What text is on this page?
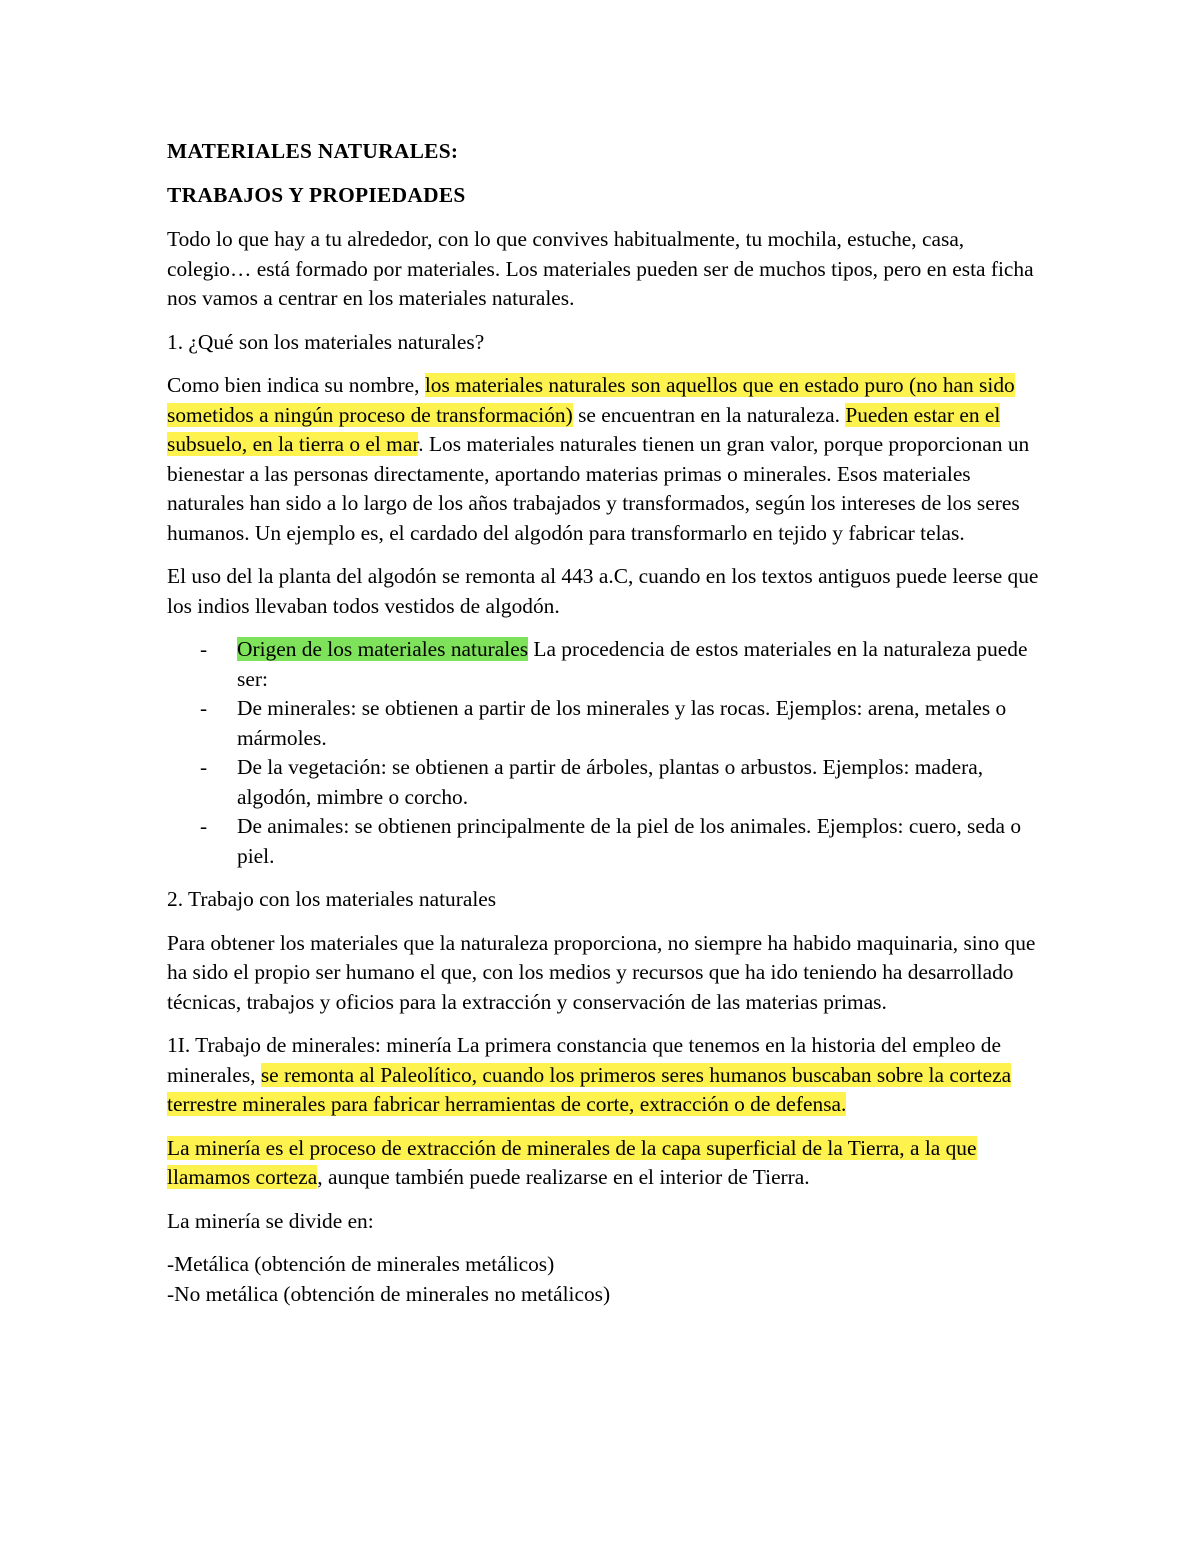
MATERIALES NATURALES:

TRABAJOS Y PROPIEDADES

Todo lo que hay a tu alrededor, con lo que convives habitualmente, tu mochila, estuche, casa, colegio… está formado por materiales. Los materiales pueden ser de muchos tipos, pero en esta ficha nos vamos a centrar en los materiales naturales.

1. ¿Qué son los materiales naturales?

Como bien indica su nombre, los materiales naturales son aquellos que en estado puro (no han sido sometidos a ningún proceso de transformación) se encuentran en la naturaleza. Pueden estar en el subsuelo, en la tierra o el mar. Los materiales naturales tienen un gran valor, porque proporcionan un bienestar a las personas directamente, aportando materias primas o minerales. Esos materiales naturales han sido a lo largo de los años trabajados y transformados, según los intereses de los seres humanos. Un ejemplo es, el cardado del algodón para transformarlo en tejido y fabricar telas.

El uso del la planta del algodón se remonta al 443 a.C, cuando en los textos antiguos puede leerse que los indios llevaban todos vestidos de algodón.

- Origen de los materiales naturales La procedencia de estos materiales en la naturaleza puede ser:
- De minerales: se obtienen a partir de los minerales y las rocas. Ejemplos: arena, metales o mármoles.
- De la vegetación: se obtienen a partir de árboles, plantas o arbustos. Ejemplos: madera, algodón, mimbre o corcho.
- De animales: se obtienen principalmente de la piel de los animales. Ejemplos: cuero, seda o piel.

2. Trabajo con los materiales naturales

Para obtener los materiales que la naturaleza proporciona, no siempre ha habido maquinaria, sino que ha sido el propio ser humano el que, con los medios y recursos que ha ido teniendo ha desarrollado técnicas, trabajos y oficios para la extracción y conservación de las materias primas.

1I. Trabajo de minerales: minería La primera constancia que tenemos en la historia del empleo de minerales, se remonta al Paleolítico, cuando los primeros seres humanos buscaban sobre la corteza terrestre minerales para fabricar herramientas de corte, extracción o de defensa.

La minería es el proceso de extracción de minerales de la capa superficial de la Tierra, a la que llamamos corteza, aunque también puede realizarse en el interior de Tierra.

La minería se divide en:

-Metálica (obtención de minerales metálicos)

-No metálica (obtención de minerales no metálicos)
